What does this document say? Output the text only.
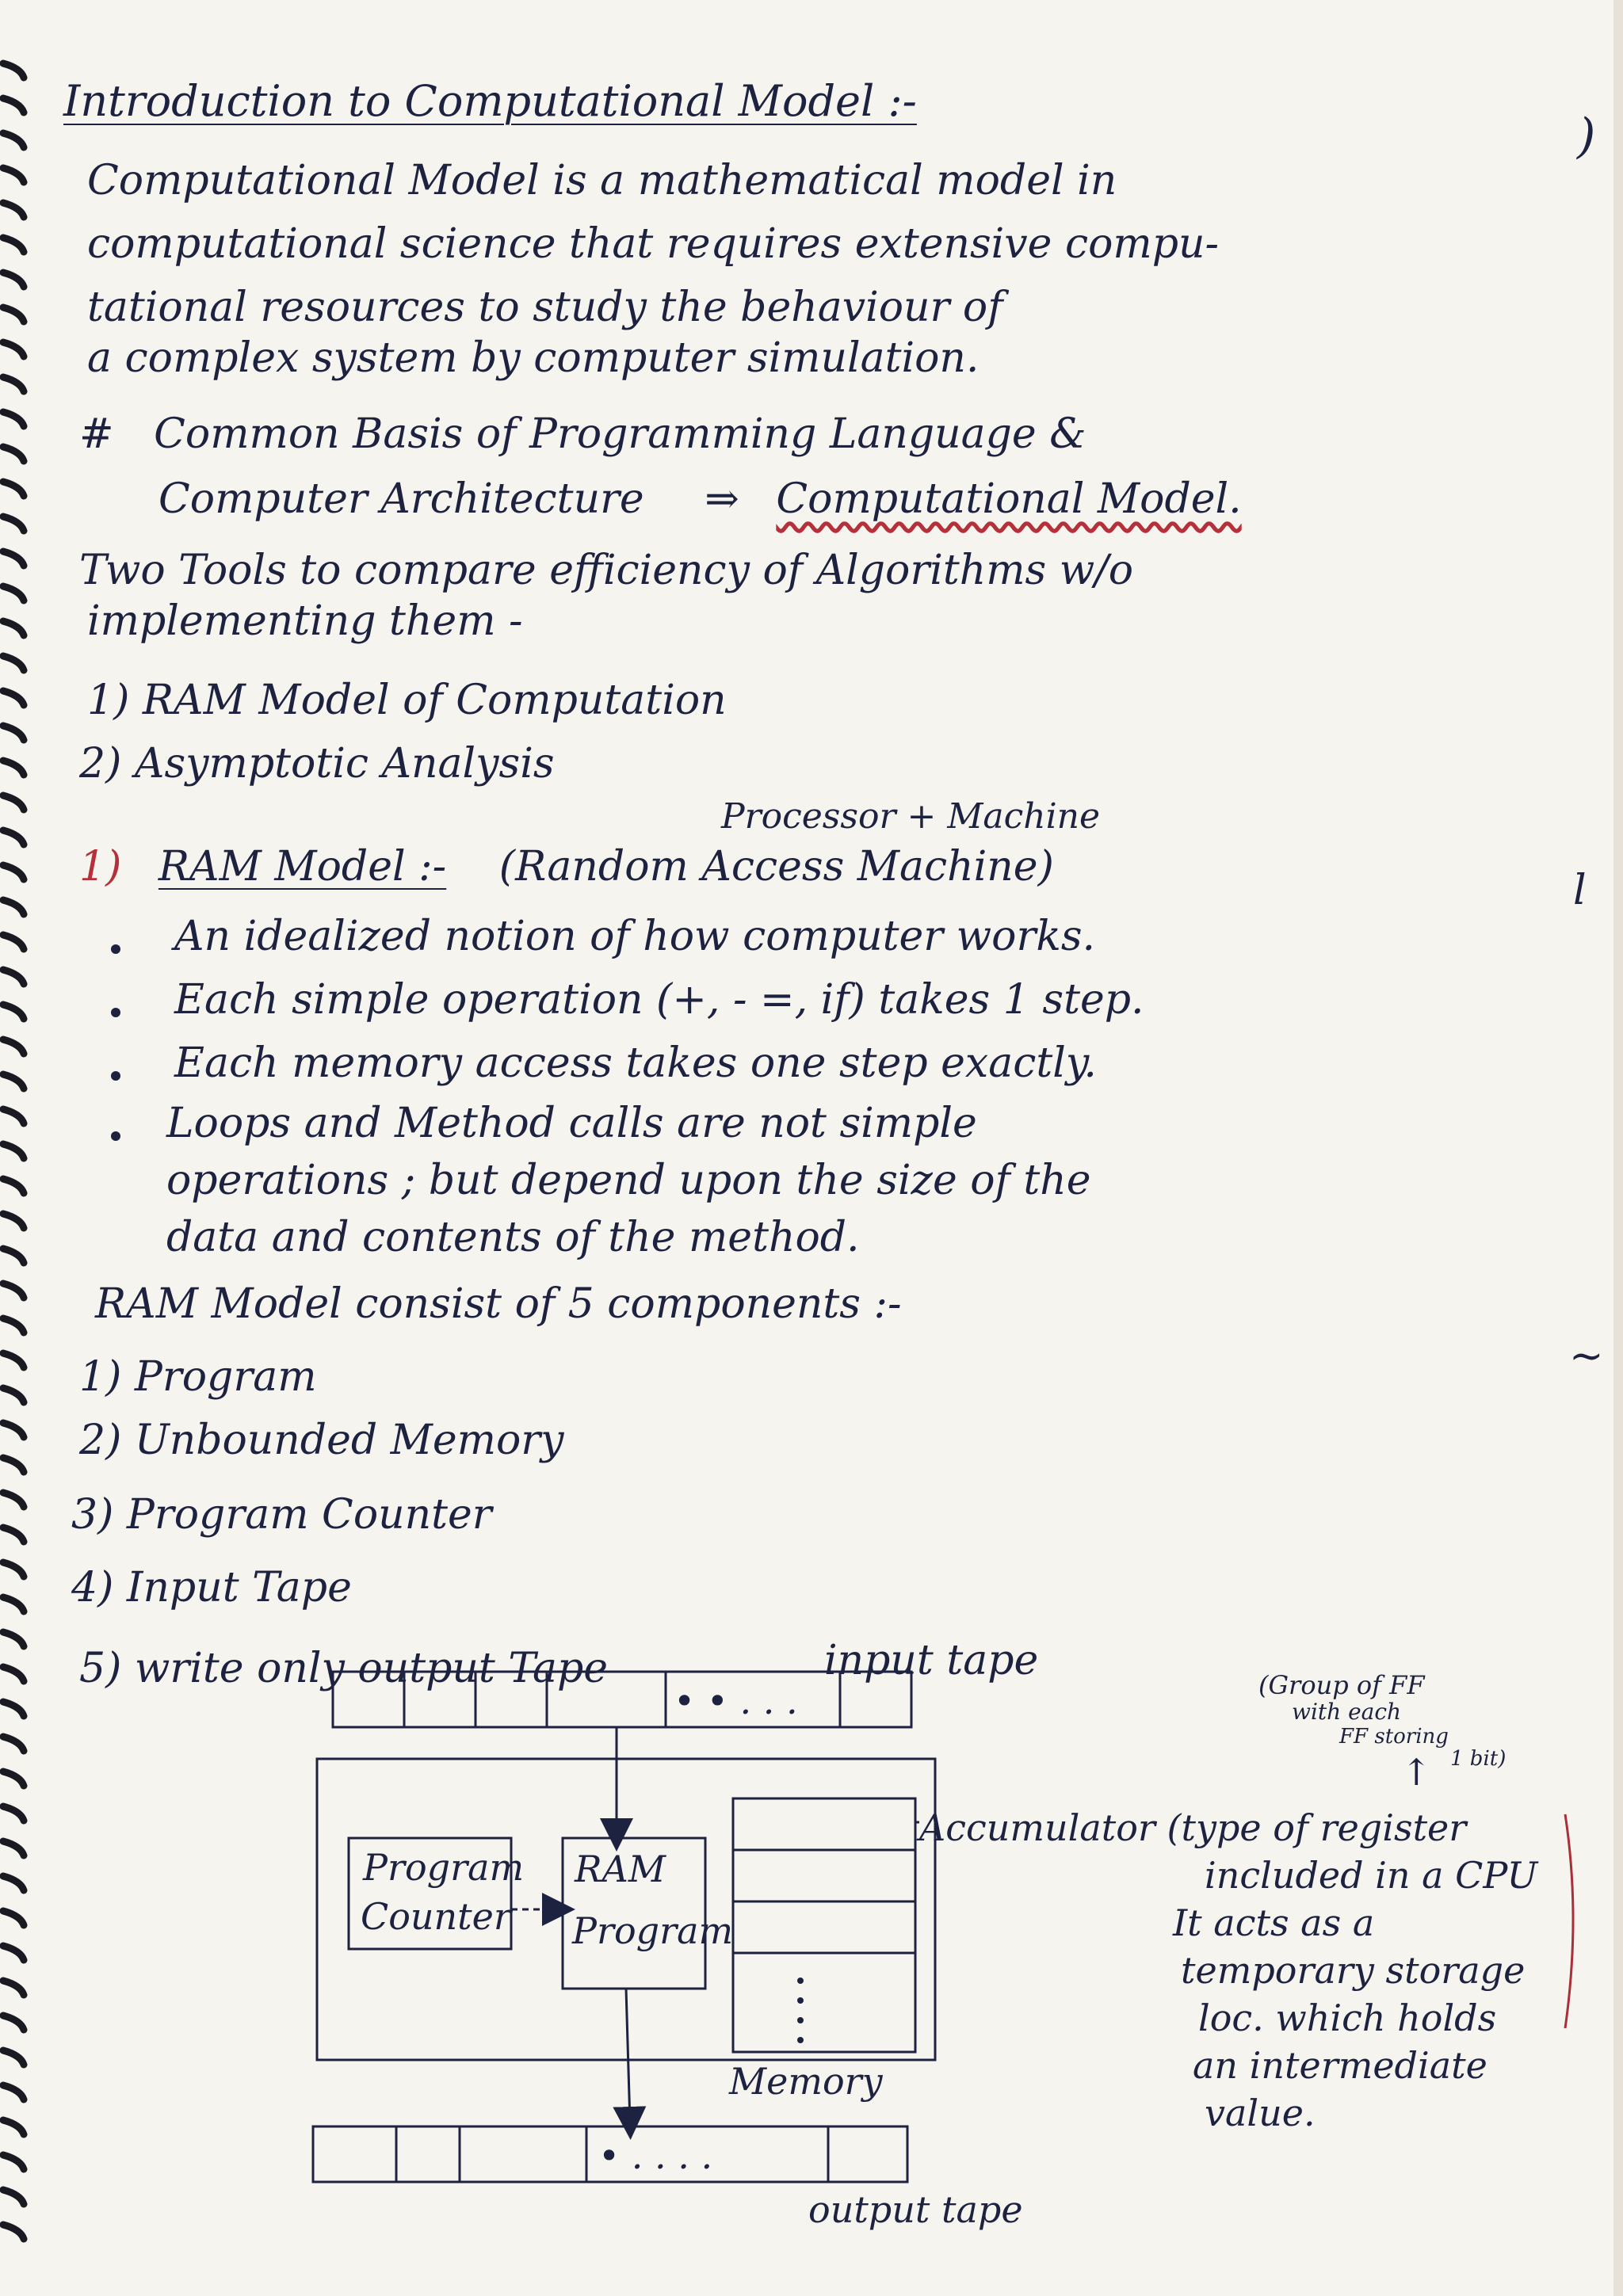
Introduction to Computational Model :-
Computational Model is a mathematical model in
computational science that requires extensive compu-
tational resources to study the behaviour of
a complex system by computer simulation.
# Common Basis of Programming Language &
Computer Architecture ⇒ Computational Model.
Two Tools to compare efficiency of Algorithms w/o
implementing them -
1) RAM Model of Computation
2) Asymptotic Analysis
Processor + Machine
1) RAM Model :- (Random Access Machine)
An idealized notion of how computer works.
Each simple operation (+, - =, if) takes 1 step.
Each memory access takes one step exactly.
Loops and Method calls are not simple
operations ; but depend upon the size of the
data and contents of the method.
RAM Model consist of 5 components :-
1) Program
2) Unbounded Memory
3) Program Counter
4) Input Tape
5) write only output Tape	input tape
• • . . .
• . . . .
output tape
Program
Counter
RAM
Program
Memory
Accumulator (type of register
included in a CPU
It acts as a
temporary storage
loc. which holds
an intermediate
value.
(Group of FF
with each
FF storing
1 bit)
↑
)
l
~
